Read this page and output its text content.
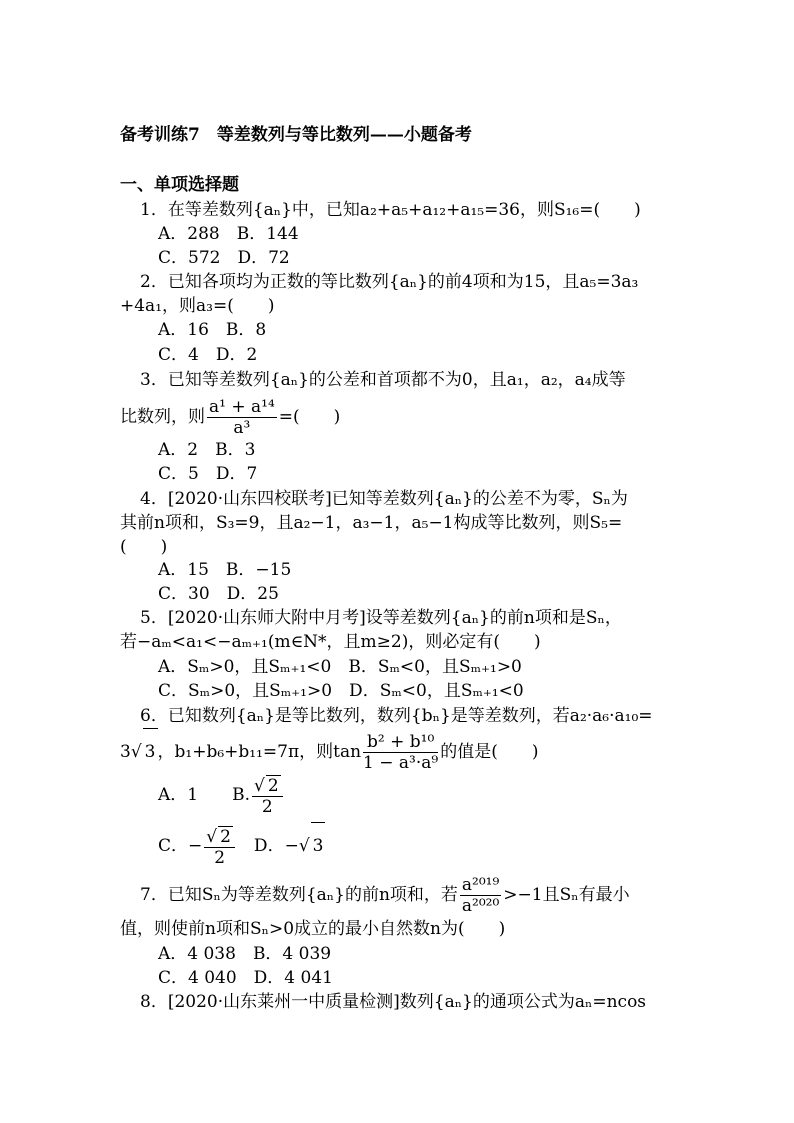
备考训练7　等差数列与等比数列——小题备考
一、单项选择题
1．在等差数列{aₙ}中，已知a₂+a₅+a₁₂+a₁₅=36，则S₁₆=(　　)
A．288　B．144
C．572　D．72
2．已知各项均为正数的等比数列{aₙ}的前4项和为15，且a₅=3a₃
+4a₁，则a₃=(　　)
A．16　B．8
C．4　D．2
3．已知等差数列{aₙ}的公差和首项都不为0，且a₁，a₂，a₄成等
比数列，则 $\frac{\text{a¹ + a¹⁴}}{\text{a³}}$ =(　　)
A．2　B．3
C．5　D．7
4．[2020·山东四校联考]已知等差数列{aₙ}的公差不为零，Sₙ为
其前n项和，S₃=9，且a₂−1，a₃−1，a₅−1构成等比数列，则S₅=
(　　)
A．15　B．−15
C．30　D．25
5．[2020·山东师大附中月考]设等差数列{aₙ}的前n项和是Sₙ，
若−aₘ<a₁<−aₘ₊₁(m∈N*，且m≥2)，则必定有(　　)
A．Sₘ>0，且Sₘ₊₁<0　B．Sₘ<0，且Sₘ₊₁>0
C．Sₘ>0，且Sₘ₊₁>0　D．Sₘ<0，且Sₘ₊₁<0
6．已知数列{aₙ}是等比数列，数列{bₙ}是等差数列，若a₂·a₆·a₁₀=
3√ 3 ，b₁+b₆+b₁₁=7π，则$\tan \frac{\text{b² + b¹⁰}}{\text{1 − a³·a⁹}}$ 的值是(　　)
A．1　　B. $\frac{√ 2}{2}$
C．− $\frac{√ 2}{2}$ 　D．−√ 3
7．已知Sₙ为等差数列{aₙ}的前n项和，若 $\frac{\text{a²⁰¹⁹}}{\text{a²⁰²⁰}} >-1$且Sₙ有最小
值，则使前n项和Sₙ>0成立的最小自然数n为(　　)
A．4 038　B．4 039
C．4 040　D．4 041
8．[2020·山东莱州一中质量检测]数列{aₙ}的通项公式为aₙ=ncos
